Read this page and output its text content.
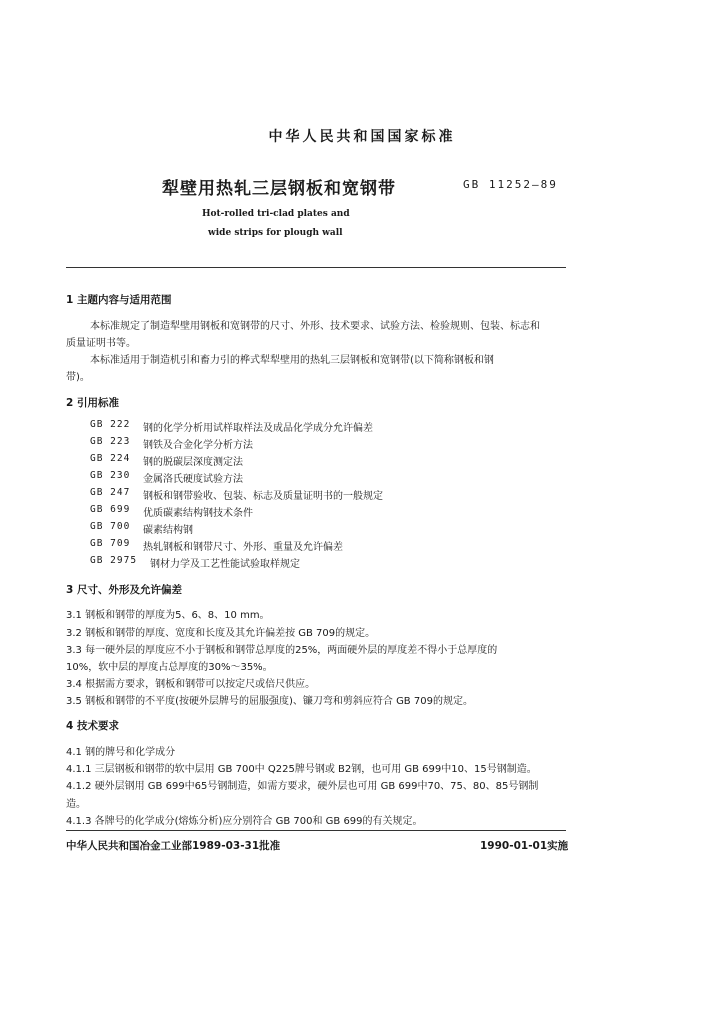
中华人民共和国国家标准
犁壁用热轧三层钢板和宽钢带	GB 11252—89
Hot-rolled tri-clad plates and
wide strips for plough wall
1 主题内容与适用范围
本标准规定了制造犁壁用钢板和宽钢带的尺寸、外形、技术要求、试验方法、检验规则、包装、标志和
质量证明书等。
本标准适用于制造机引和畜力引的桦式犁犁壁用的热轧三层钢板和宽钢带(以下简称钢板和钢
带)。
2 引用标准
GB 222 钢的化学分析用试样取样法及成品化学成分允许偏差
GB 223 钢铁及合金化学分析方法
GB 224 钢的脱碳层深度测定法
GB 230 金属洛氏硬度试验方法
GB 247 钢板和钢带验收、包装、标志及质量证明书的一般规定
GB 699 优质碳素结构钢技术条件
GB 700 碳素结构钢
GB 709 热轧钢板和钢带尺寸、外形、重量及允许偏差
GB 2975 钢材力学及工艺性能试验取样规定
3 尺寸、外形及允许偏差
3.1 钢板和钢带的厚度为5、6、8、10 mm。
3.2 钢板和钢带的厚度、宽度和长度及其允许偏差按 GB 709的规定。
3.3 每一硬外层的厚度应不小于钢板和钢带总厚度的25%，两面硬外层的厚度差不得小于总厚度的
10%，软中层的厚度占总厚度的30%～35%。
3.4 根据需方要求，钢板和钢带可以按定尺或倍尺供应。
3.5 钢板和钢带的不平度(按硬外层牌号的屈服强度)、镰刀弯和剪斜应符合 GB 709的规定。
4 技术要求
4.1 钢的牌号和化学成分
4.1.1 三层钢板和钢带的软中层用 GB 700中 Q225牌号钢或 B2钢，也可用 GB 699中10、15号钢制造。
4.1.2 硬外层钢用 GB 699中65号钢制造，如需方要求，硬外层也可用 GB 699中70、75、80、85号钢制
造。
4.1.3 各牌号的化学成分(熔炼分析)应分别符合 GB 700和 GB 699的有关规定。
中华人民共和国冶金工业部1989-03-31批准	1990-01-01实施
